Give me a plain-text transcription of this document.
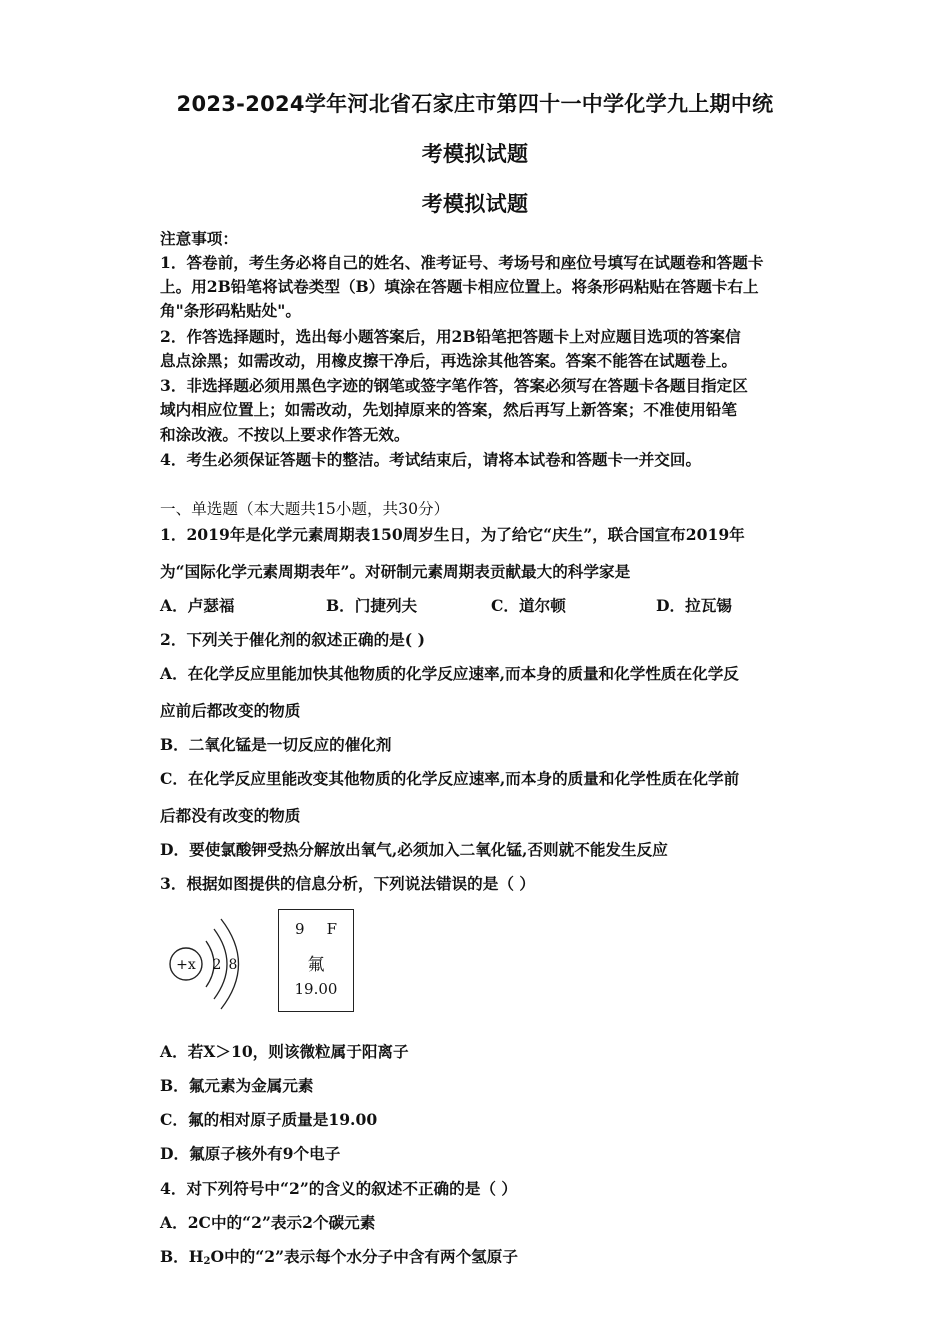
2023-2024学年河北省石家庄市第四十一中学化学九上期中统
考模拟试题
考模拟试题
注意事项：
1．答卷前，考生务必将自己的姓名、准考证号、考场号和座位号填写在试题卷和答题卡
上。用2B铅笔将试卷类型（B）填涂在答题卡相应位置上。将条形码粘贴在答题卡右上
角"条形码粘贴处"。
2．作答选择题时，选出每小题答案后，用2B铅笔把答题卡上对应题目选项的答案信
息点涂黑；如需改动，用橡皮擦干净后，再选涂其他答案。答案不能答在试题卷上。
3．非选择题必须用黑色字迹的钢笔或签字笔作答，答案必须写在答题卡各题目指定区
域内相应位置上；如需改动，先划掉原来的答案，然后再写上新答案；不准使用铅笔
和涂改液。不按以上要求作答无效。
4．考生必须保证答题卡的整洁。考试结束后，请将本试卷和答题卡一并交回。
一、单选题（本大题共15小题，共30分）
1．2019年是化学元素周期表150周岁生日，为了给它“庆生”，联合国宣布2019年
为“国际化学元素周期表年”。对研制元素周期表贡献最大的科学家是
A．卢瑟福	B．门捷列夫	C．道尔顿	D．拉瓦锡
2．下列关于催化剂的叙述正确的是( )
A．在化学反应里能加快其他物质的化学反应速率,而本身的质量和化学性质在化学反
应前后都改变的物质
B．二氧化锰是一切反应的催化剂
C．在化学反应里能改变其他物质的化学反应速率,而本身的质量和化学性质在化学前
后都没有改变的物质
D．要使氯酸钾受热分解放出氧气,必须加入二氧化锰,否则就不能发生反应
3．根据如图提供的信息分析，下列说法错误的是（ ）
+x 2 8
9 F
氟
19.00
A．若X＞10，则该微粒属于阳离子
B．氟元素为金属元素
C．氟的相对原子质量是19.00
D．氟原子核外有9个电子
4．对下列符号中“2”的含义的叙述不正确的是（ ）
A．2C中的“2”表示2个碳元素
B．$H_2O$中的“2”表示每个水分子中含有两个氢原子
